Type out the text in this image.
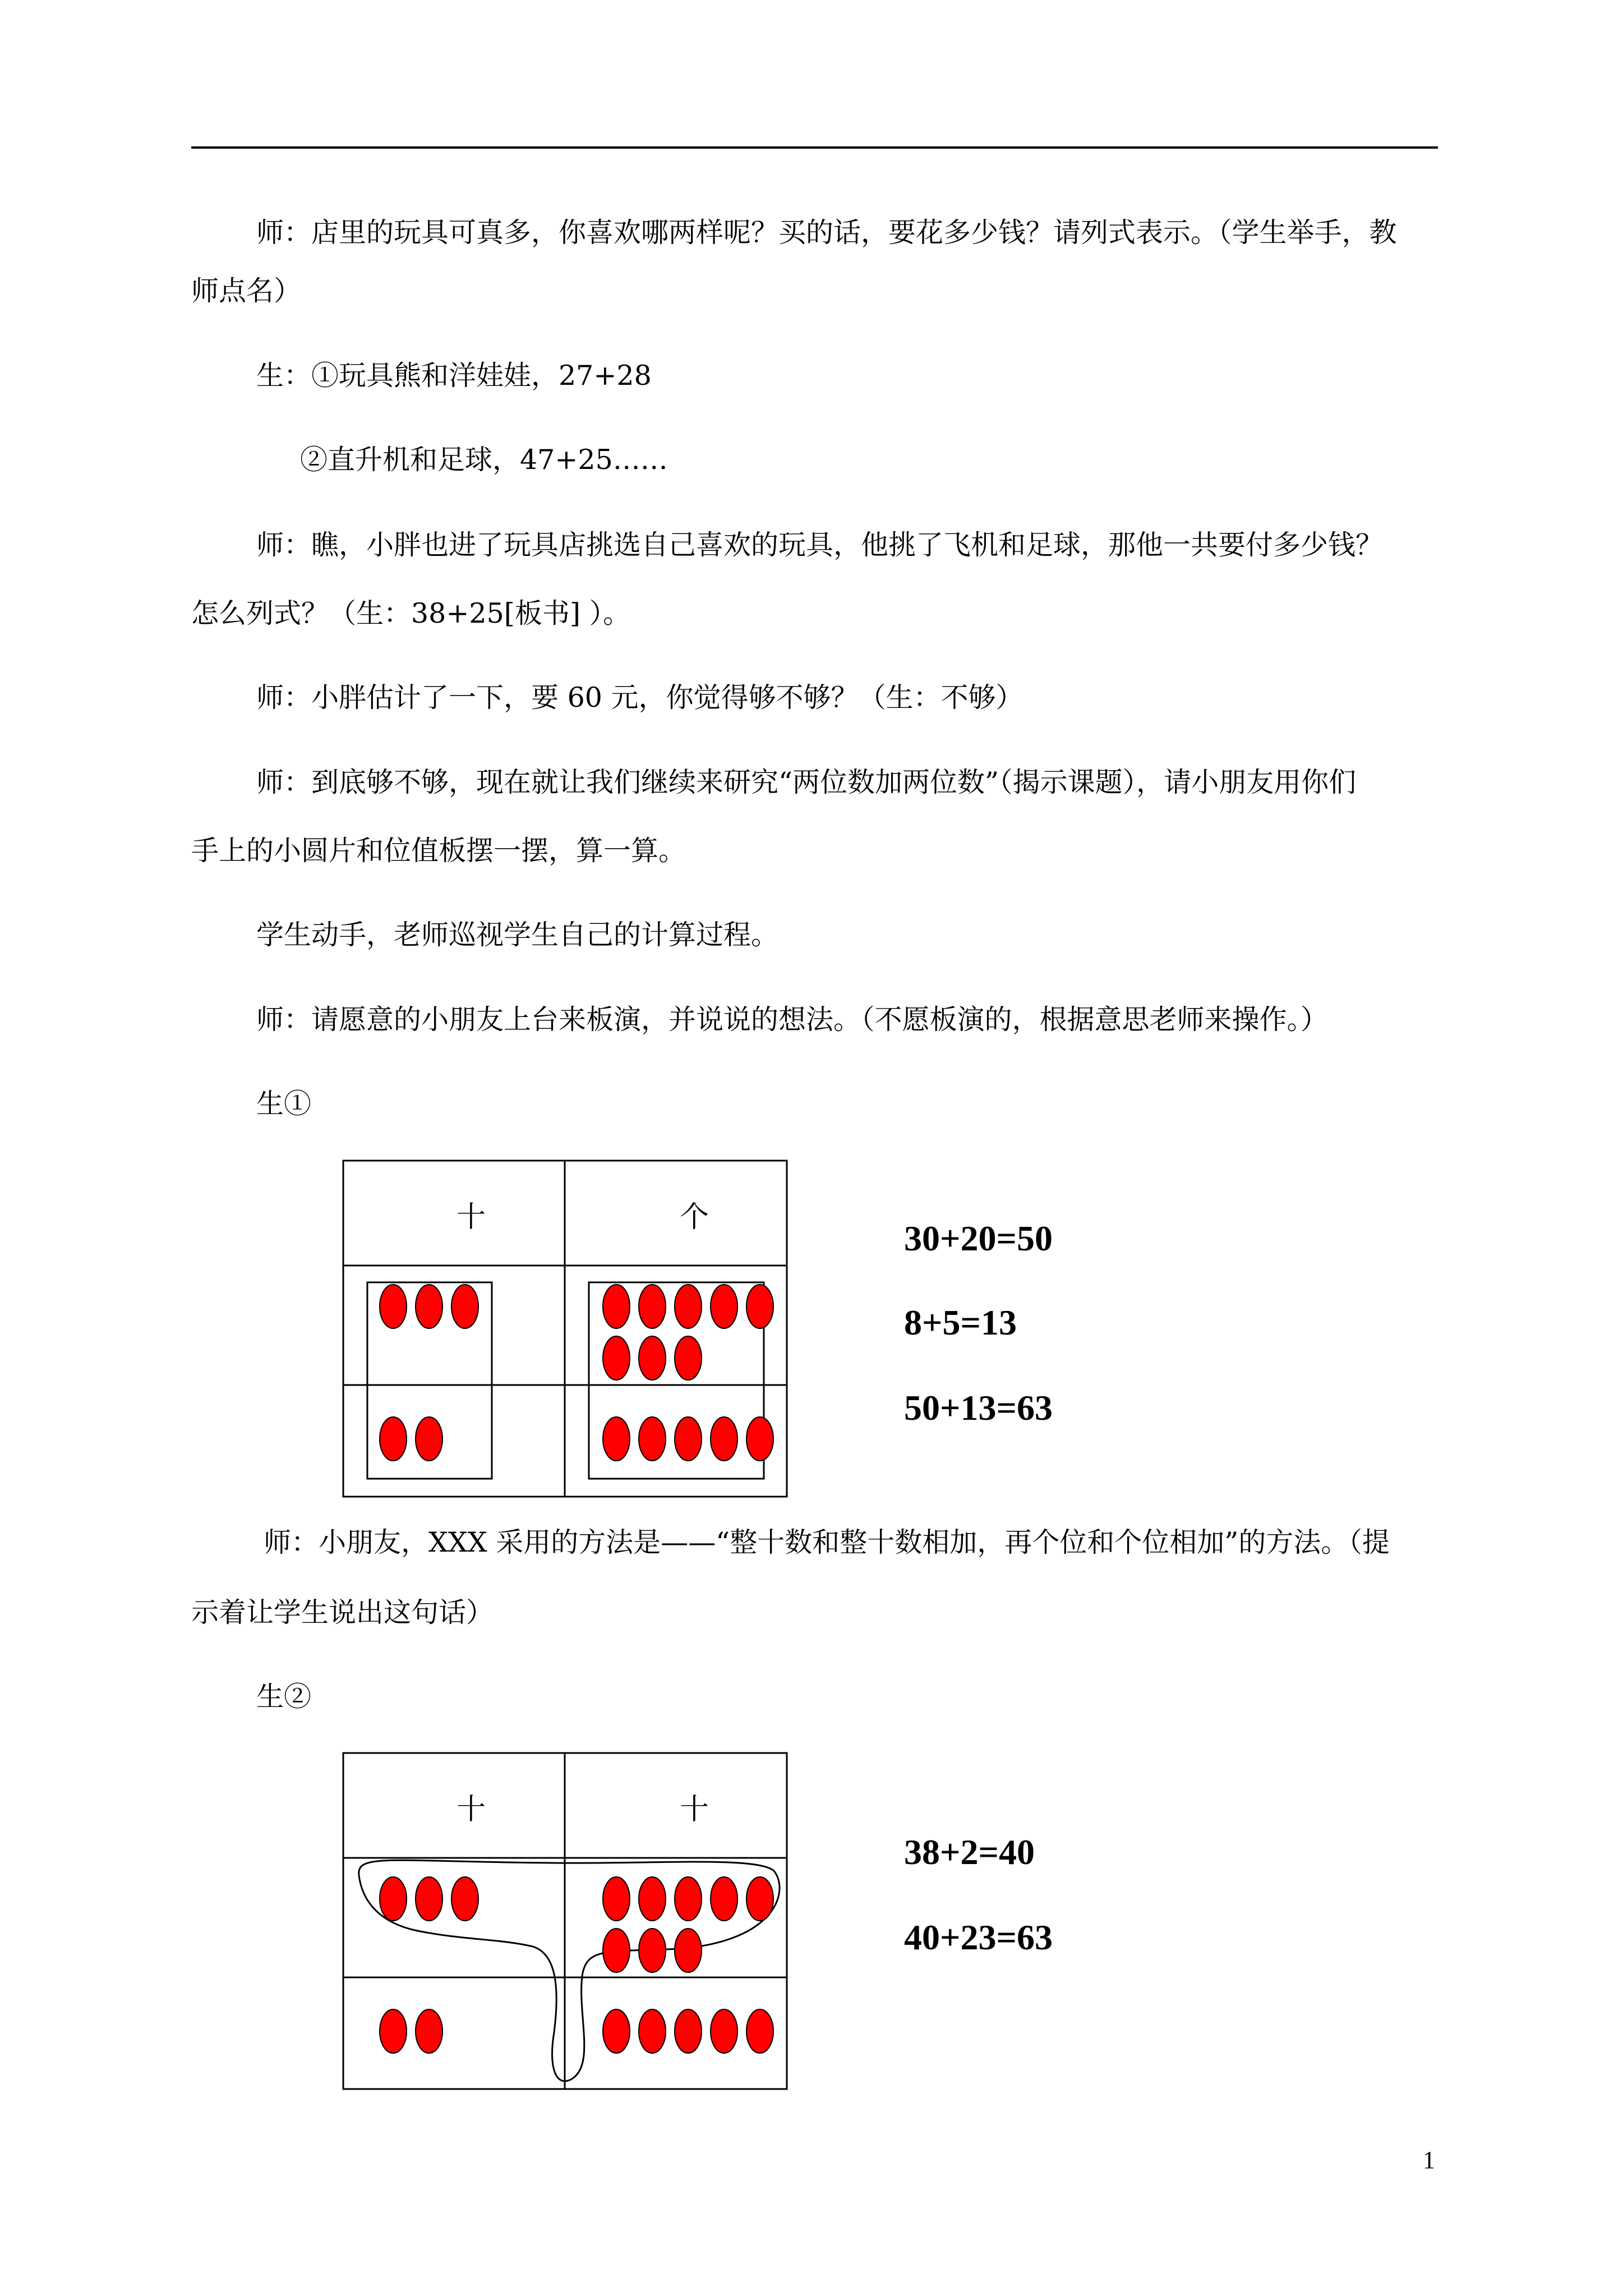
师：店里的玩具可真多，你喜欢哪两样呢？买的话，要花多少钱？请列式表示。（学生举手，教

师点名）

生：①玩具熊和洋娃娃，27+28

②直升机和足球，47+25……

师：瞧，小胖也进了玩具店挑选自己喜欢的玩具，他挑了飞机和足球，那他一共要付多少钱？

怎么列式？（生：38+25[板书] ）。

师：小胖估计了一下，要 60 元，你觉得够不够？（生：不够）

师：到底够不够，现在就让我们继续来研究“两位数加两位数”（揭示课题），请小朋友用你们

手上的小圆片和位值板摆一摆，算一算。

学生动手，老师巡视学生自己的计算过程。

师：请愿意的小朋友上台来板演，并说说的想法。（不愿板演的，根据意思老师来操作。）

生①

十	个

30+20=50

8+5=13

50+13=63

师：小朋友，XXX 采用的方法是——“整十数和整十数相加，再个位和个位相加”的方法。（提

示着让学生说出这句话）

生②

十	十

38+2=40

40+23=63

1
